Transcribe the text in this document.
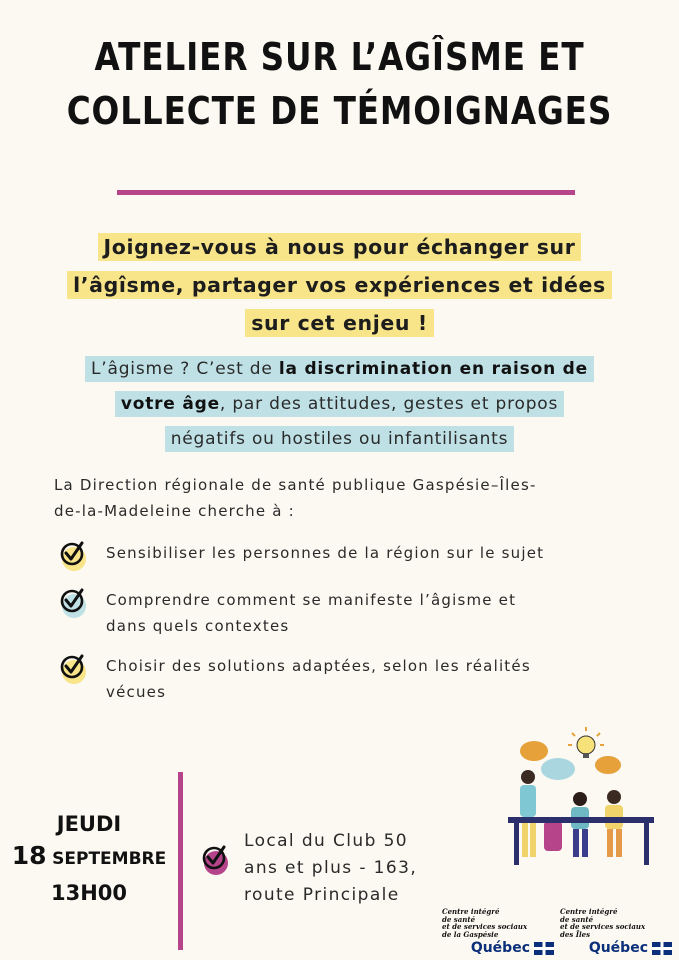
ATELIER SUR L’AGÎSME ET
COLLECTE DE TÉMOIGNAGES
Joignez-vous à nous pour échanger sur
l’âgîsme, partager vos expériences et idées
sur cet enjeu !
L’âgisme ? C’est de la discrimination en raison de
votre âge, par des attitudes, gestes et propos
négatifs ou hostiles ou infantilisants
La Direction régionale de santé publique Gaspésie–Îles-
de-la-Madeleine cherche à :
Sensibiliser les personnes de la région sur le sujet
Comprendre comment se manifeste l’âgisme et
dans quels contextes
Choisir des solutions adaptées, selon les réalités
vécues
JEUDI
18 SEPTEMBRE
13H00
Local du Club 50
ans et plus - 163,
route Principale
Centre intégré
de santé
et de services sociaux
de la Gaspésie
Québec
Centre intégré
de santé
et de services sociaux
des Îles
Québec
